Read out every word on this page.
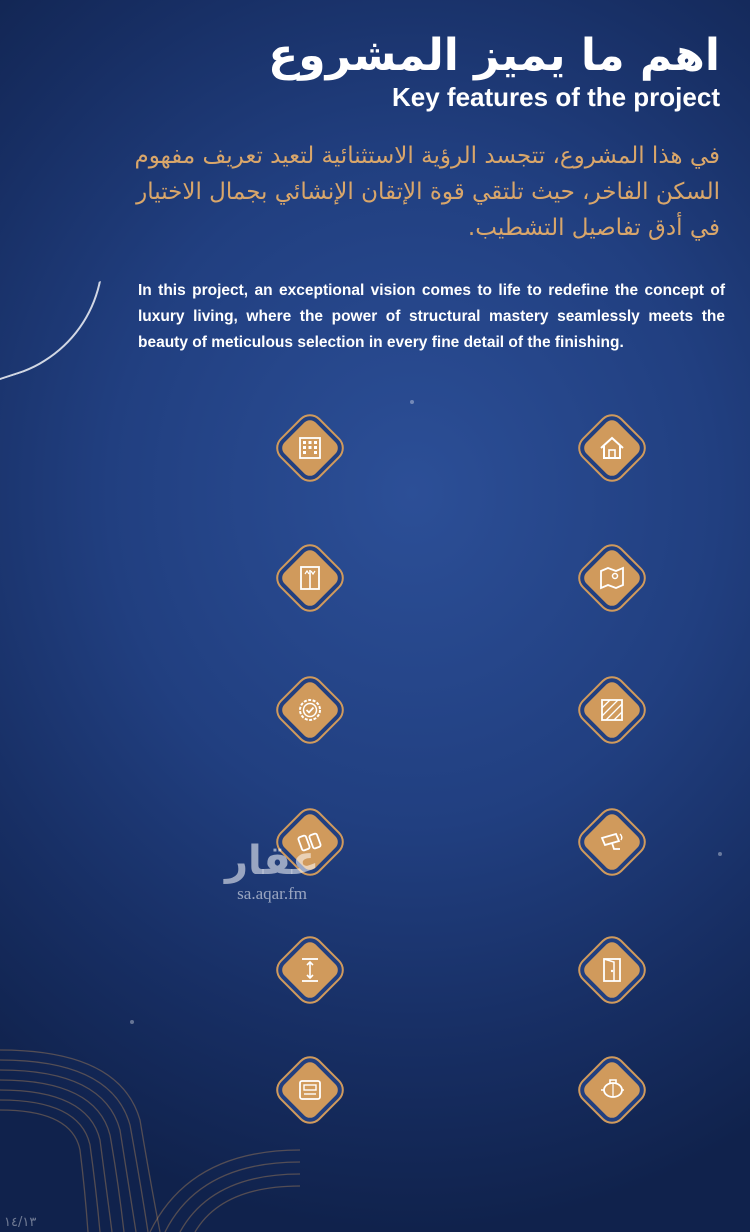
اهم ما يميز المشروع
Key features of the project
في هذا المشروع، تتجسد الرؤية الاستثنائية لتعيد تعريف مفهوم السكن الفاخر، حيث تلتقي قوة الإتقان الإنشائي بجمال الاختيار في أدق تفاصيل التشطيب.
In this project, an exceptional vision comes to life to redefine the concept of luxury living, where the power of structural mastery seamlessly meets the beauty of meticulous selection in every fine detail of the finishing.
عقار
sa.aqar.fm
١٤/١٣
